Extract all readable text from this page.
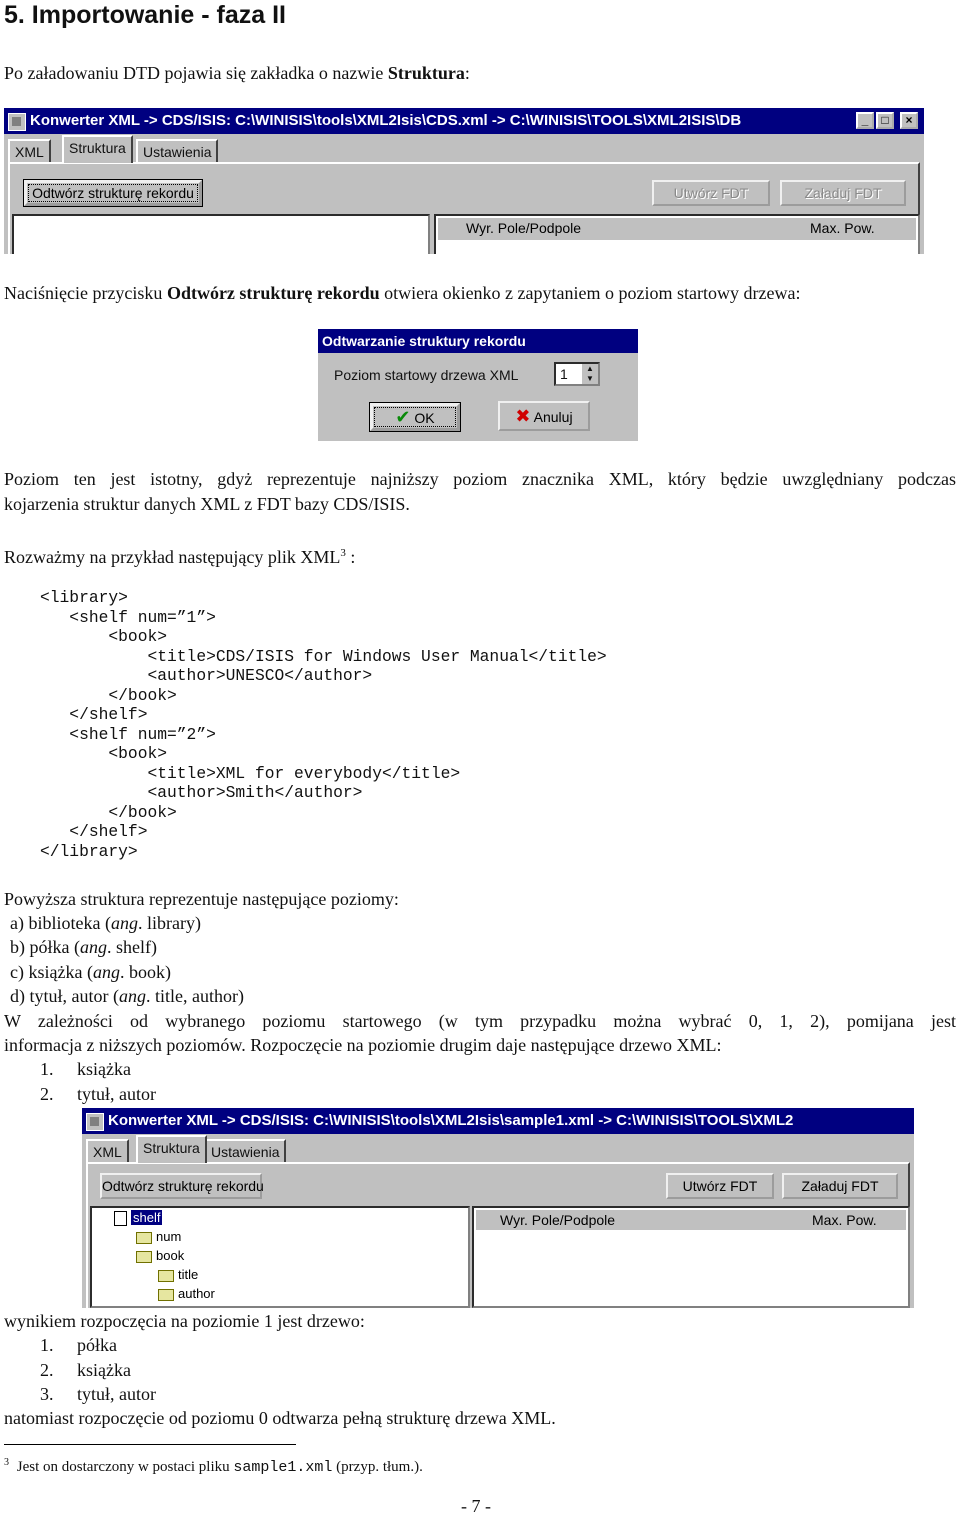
5. Importowanie - faza II
Po załadowaniu DTD pojawia się zakładka o nazwie Struktura:
Konwerter XML -> CDS/ISIS: C:\WINISIS\tools\XML2Isis\CDS.xml -> C:\WINISIS\TOOLS\XML2ISIS\DB	_	□	×
XML	Struktura	Ustawienia
Odtwórz strukturę rekordu	Utwórz FDT	Załaduj FDT
Wyr. Pole/Podpole	Max. Pow.
Naciśnięcie przycisku Odtwórz strukturę rekordu otwiera okienko z zapytaniem o poziom startowy drzewa:
Odtwarzanie struktury rekordu
Poziom startowy drzewa XML	1	▲
▼
✔ OK	✖ Anuluj
Poziom ten jest istotny, gdyż reprezentuje najniższy poziom znacznika XML, który będzie uwzględniany podczas
kojarzenia struktur danych XML z FDT bazy CDS/ISIS.
Rozważmy na przykład następujący plik XML$^3$ :
<library>
<shelf num=”1”>
<book>
<title>CDS/ISIS for Windows User Manual</title>
<author>UNESCO</author>
</book>
</shelf>
<shelf num=”2”>
<book>
<title>XML for everybody</title>
<author>Smith</author>
</book>
</shelf>
</library>
Powyższa struktura reprezentuje następujące poziomy:
a) biblioteka (ang. library)
b) półka (ang. shelf)
c) książka (ang. book)
d) tytuł, autor (ang. title, author)
W zależności od wybranego poziomu startowego (w tym przypadku można wybrać 0, 1, 2), pomijana jest
informacja z niższych poziomów. Rozpoczęcie na poziomie drugim daje następujące drzewo XML:
1. książka
2. tytuł, autor
Konwerter XML -> CDS/ISIS: C:\WINISIS\tools\XML2Isis\sample1.xml -> C:\WINISIS\TOOLS\XML2
XML	Struktura Ustawienia
Odtwórz strukturę rekordu	Utwórz FDT	Załaduj FDT
shelf
num
book
title
author
Wyr. Pole/Podpole	Max. Pow.
wynikiem rozpoczęcia na poziomie 1 jest drzewo:
1. półka
2. książka
3. tytuł, autor
natomiast rozpoczęcie od poziomu 0 odtwarza pełną strukturę drzewa XML.
$^3$ Jest on dostarczony w postaci pliku sample1.xml (przyp. tłum.).
- 7 -
